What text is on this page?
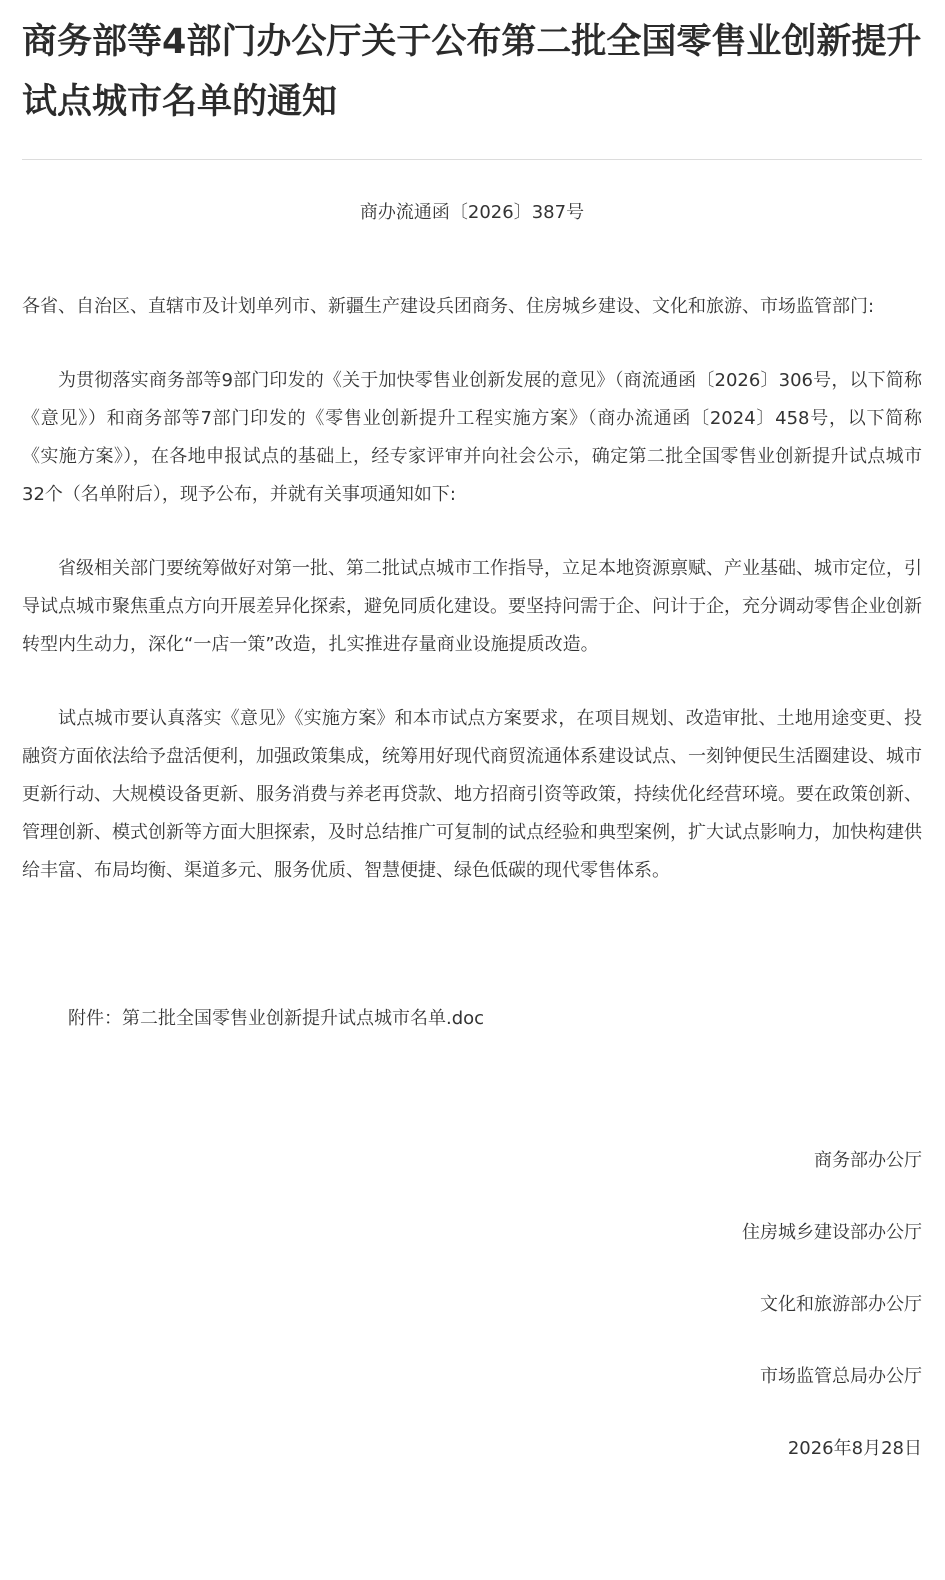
商务部等4部门办公厅关于公布第二批全国零售业创新提升试点城市名单的通知
商办流通函〔2026〕387号
各省、自治区、直辖市及计划单列市、新疆生产建设兵团商务、住房城乡建设、文化和旅游、市场监管部门:

为贯彻落实商务部等9部门印发的《关于加快零售业创新发展的意见》（商流通函〔2026〕306号，以下简称《意见》）和商务部等7部门印发的《零售业创新提升工程实施方案》（商办流通函〔2024〕458号，以下简称《实施方案》），在各地申报试点的基础上，经专家评审并向社会公示，确定第二批全国零售业创新提升试点城市32个（名单附后），现予公布，并就有关事项通知如下:

省级相关部门要统筹做好对第一批、第二批试点城市工作指导，立足本地资源禀赋、产业基础、城市定位，引导试点城市聚焦重点方向开展差异化探索，避免同质化建设。要坚持问需于企、问计于企，充分调动零售企业创新转型内生动力，深化“一店一策”改造，扎实推进存量商业设施提质改造。

试点城市要认真落实《意见》《实施方案》和本市试点方案要求，在项目规划、改造审批、土地用途变更、投融资方面依法给予盘活便利，加强政策集成，统筹用好现代商贸流通体系建设试点、一刻钟便民生活圈建设、城市更新行动、大规模设备更新、服务消费与养老再贷款、地方招商引资等政策，持续优化经营环境。要在政策创新、管理创新、模式创新等方面大胆探索，及时总结推广可复制的试点经验和典型案例，扩大试点影响力，加快构建供给丰富、布局均衡、渠道多元、服务优质、智慧便捷、绿色低碳的现代零售体系。

附件：第二批全国零售业创新提升试点城市名单.doc
商务部办公厅
住房城乡建设部办公厅
文化和旅游部办公厅
市场监管总局办公厅
2026年8月28日
